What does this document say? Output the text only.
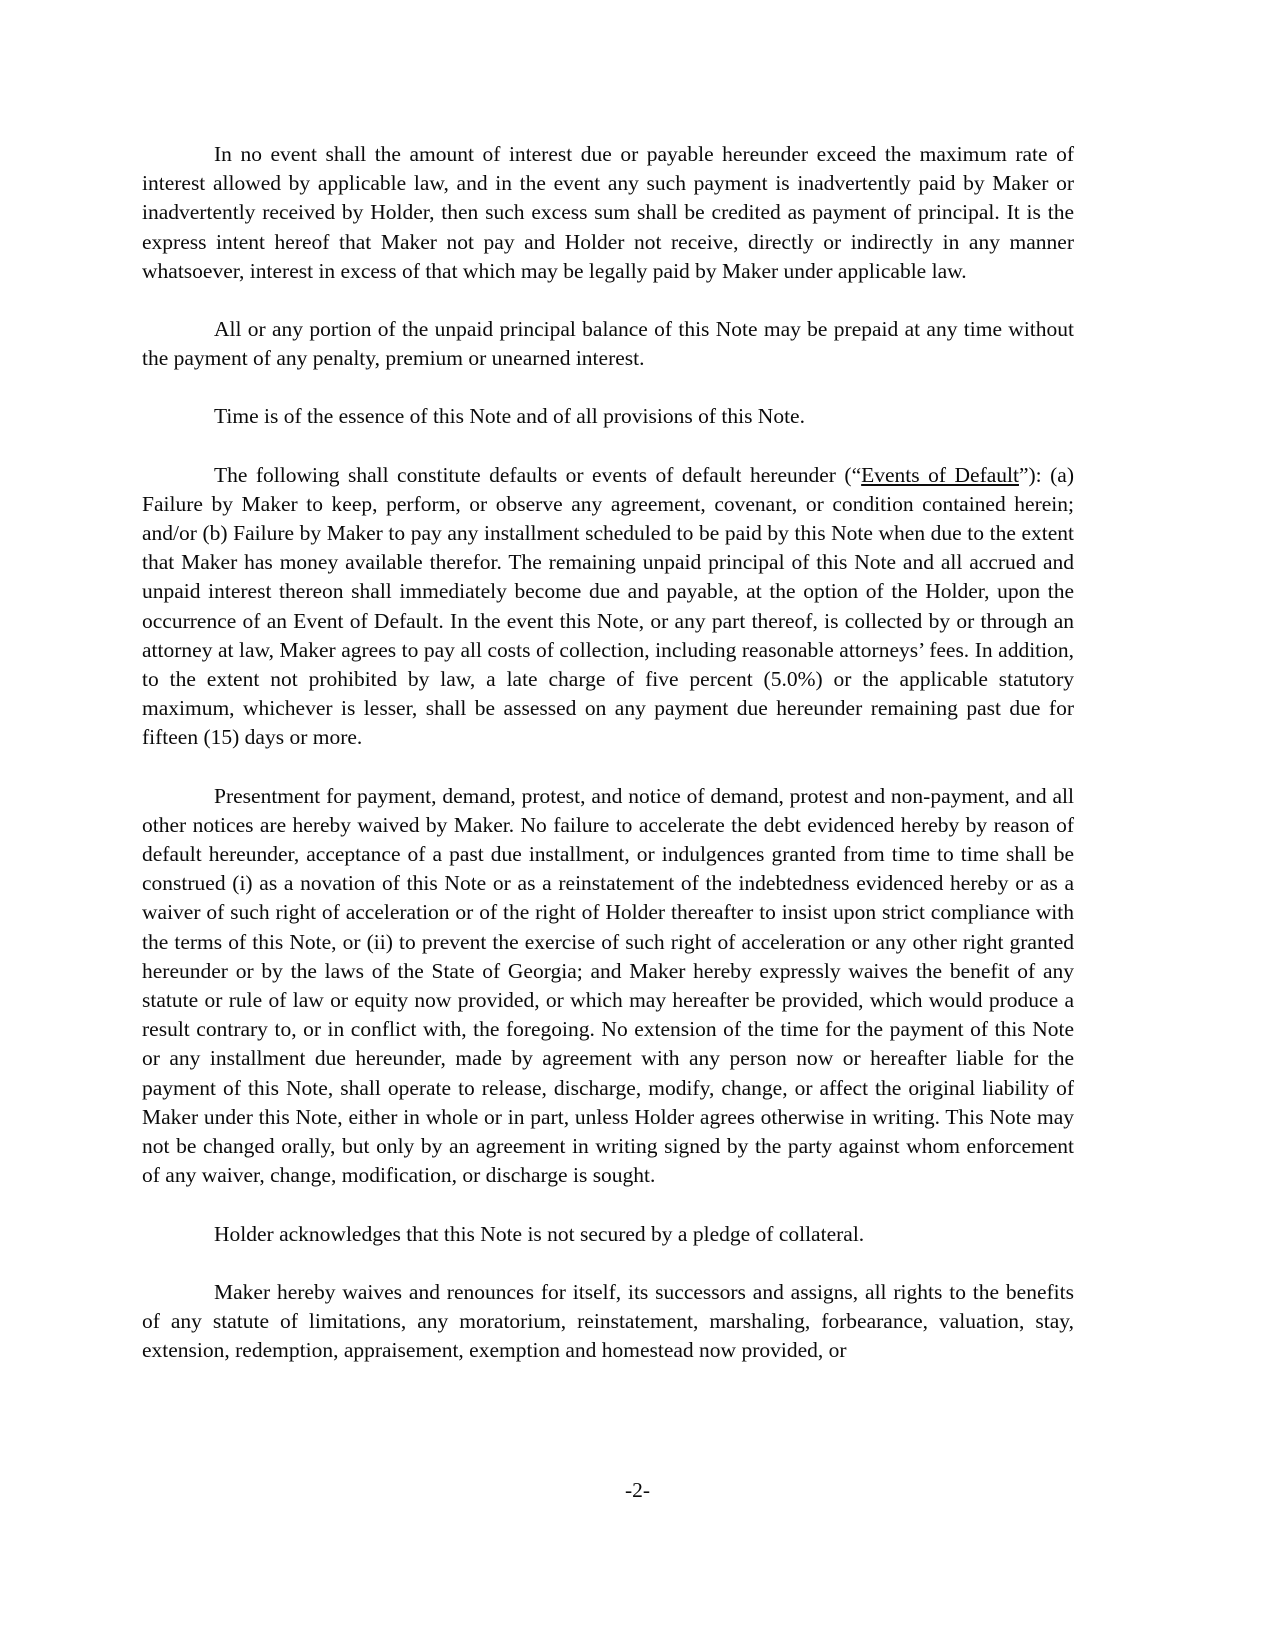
In no event shall the amount of interest due or payable hereunder exceed the maximum rate of interest allowed by applicable law, and in the event any such payment is inadvertently paid by Maker or inadvertently received by Holder, then such excess sum shall be credited as payment of principal. It is the express intent hereof that Maker not pay and Holder not receive, directly or indirectly in any manner whatsoever, interest in excess of that which may be legally paid by Maker under applicable law.

All or any portion of the unpaid principal balance of this Note may be prepaid at any time without the payment of any penalty, premium or unearned interest.

Time is of the essence of this Note and of all provisions of this Note.

The following shall constitute defaults or events of default hereunder (“Events of Default”): (a) Failure by Maker to keep, perform, or observe any agreement, covenant, or condition contained herein; and/or (b) Failure by Maker to pay any installment scheduled to be paid by this Note when due to the extent that Maker has money available therefor. The remaining unpaid principal of this Note and all accrued and unpaid interest thereon shall immediately become due and payable, at the option of the Holder, upon the occurrence of an Event of Default. In the event this Note, or any part thereof, is collected by or through an attorney at law, Maker agrees to pay all costs of collection, including reasonable attorneys’ fees. In addition, to the extent not prohibited by law, a late charge of five percent (5.0%) or the applicable statutory maximum, whichever is lesser, shall be assessed on any payment due hereunder remaining past due for fifteen (15) days or more.

Presentment for payment, demand, protest, and notice of demand, protest and non-payment, and all other notices are hereby waived by Maker. No failure to accelerate the debt evidenced hereby by reason of default hereunder, acceptance of a past due installment, or indulgences granted from time to time shall be construed (i) as a novation of this Note or as a reinstatement of the indebtedness evidenced hereby or as a waiver of such right of acceleration or of the right of Holder thereafter to insist upon strict compliance with the terms of this Note, or (ii) to prevent the exercise of such right of acceleration or any other right granted hereunder or by the laws of the State of Georgia; and Maker hereby expressly waives the benefit of any statute or rule of law or equity now provided, or which may hereafter be provided, which would produce a result contrary to, or in conflict with, the foregoing. No extension of the time for the payment of this Note or any installment due hereunder, made by agreement with any person now or hereafter liable for the payment of this Note, shall operate to release, discharge, modify, change, or affect the original liability of Maker under this Note, either in whole or in part, unless Holder agrees otherwise in writing. This Note may not be changed orally, but only by an agreement in writing signed by the party against whom enforcement of any waiver, change, modification, or discharge is sought.

Holder acknowledges that this Note is not secured by a pledge of collateral.

Maker hereby waives and renounces for itself, its successors and assigns, all rights to the benefits of any statute of limitations, any moratorium, reinstatement, marshaling, forbearance, valuation, stay, extension, redemption, appraisement, exemption and homestead now provided, or

-2-
